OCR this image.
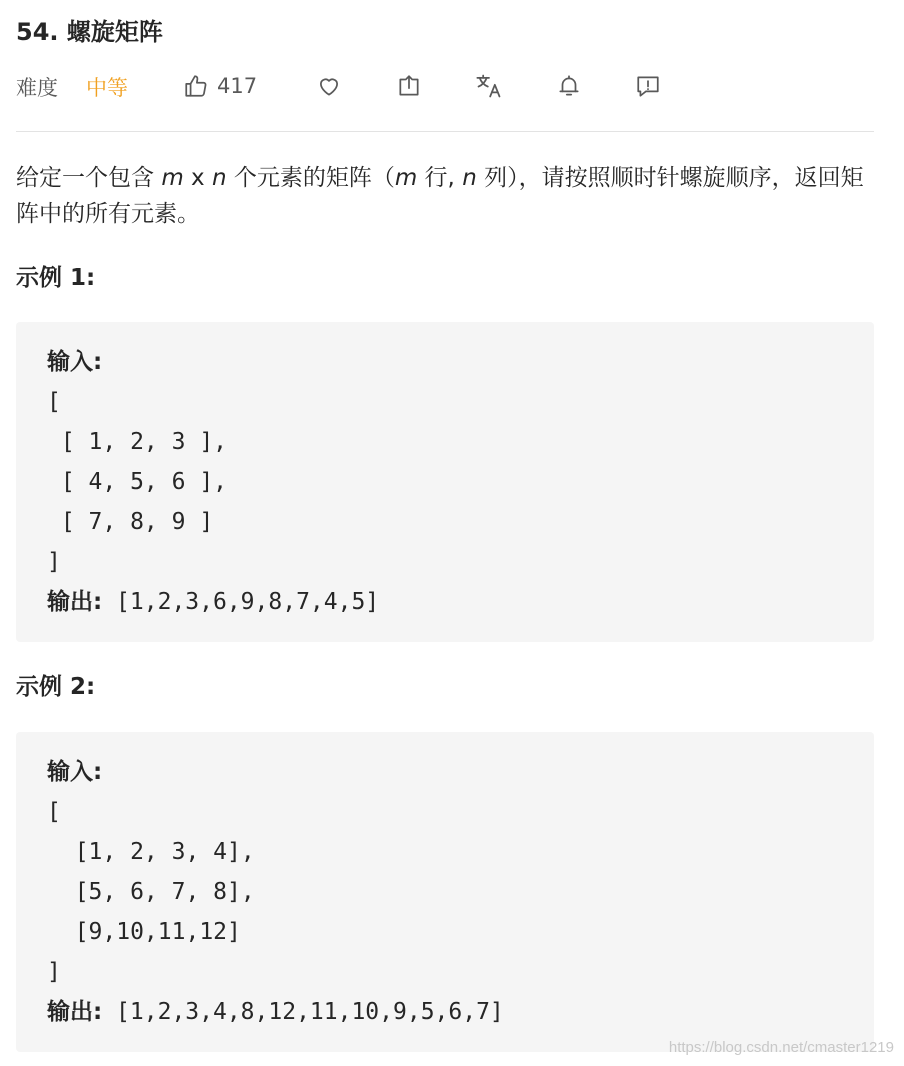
54. 螺旋矩阵
难度 中等	417
给定一个包含 m x n 个元素的矩阵（m 行, n 列），请按照顺时针螺旋顺序，返回矩阵中的所有元素。
示例 1:
输入:
[
[ 1, 2, 3 ],
[ 4, 5, 6 ],
[ 7, 8, 9 ]
]
输出: [1,2,3,6,9,8,7,4,5]
示例 2:
输入:
[
[1, 2, 3, 4],
[5, 6, 7, 8],
[9,10,11,12]
]
输出: [1,2,3,4,8,12,11,10,9,5,6,7]
https://blog.csdn.net/cmaster1219
